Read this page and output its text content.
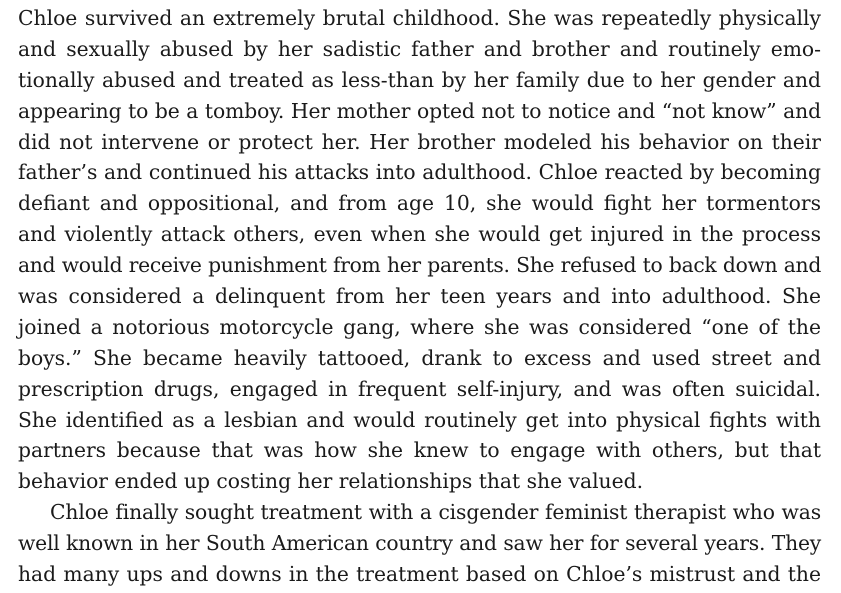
Chloe survived an extremely brutal childhood. She was repeatedly physically
and sexually abused by her sadistic father and brother and routinely emo-
tionally abused and treated as less-than by her family due to her gender and
appearing to be a tomboy. Her mother opted not to notice and “not know” and
did not intervene or protect her. Her brother modeled his behavior on their
father’s and continued his attacks into adulthood. Chloe reacted by becoming
defiant and oppositional, and from age 10, she would fight her tormentors
and violently attack others, even when she would get injured in the process
and would receive punishment from her parents. She refused to back down and
was considered a delinquent from her teen years and into adulthood. She
joined a notorious motorcycle gang, where she was considered “one of the
boys.” She became heavily tattooed, drank to excess and used street and
prescription drugs, engaged in frequent self-injury, and was often suicidal.
She identified as a lesbian and would routinely get into physical fights with
partners because that was how she knew to engage with others, but that
behavior ended up costing her relationships that she valued.

Chloe finally sought treatment with a cisgender feminist therapist who was
well known in her South American country and saw her for several years. They
had many ups and downs in the treatment based on Chloe’s mistrust and the
